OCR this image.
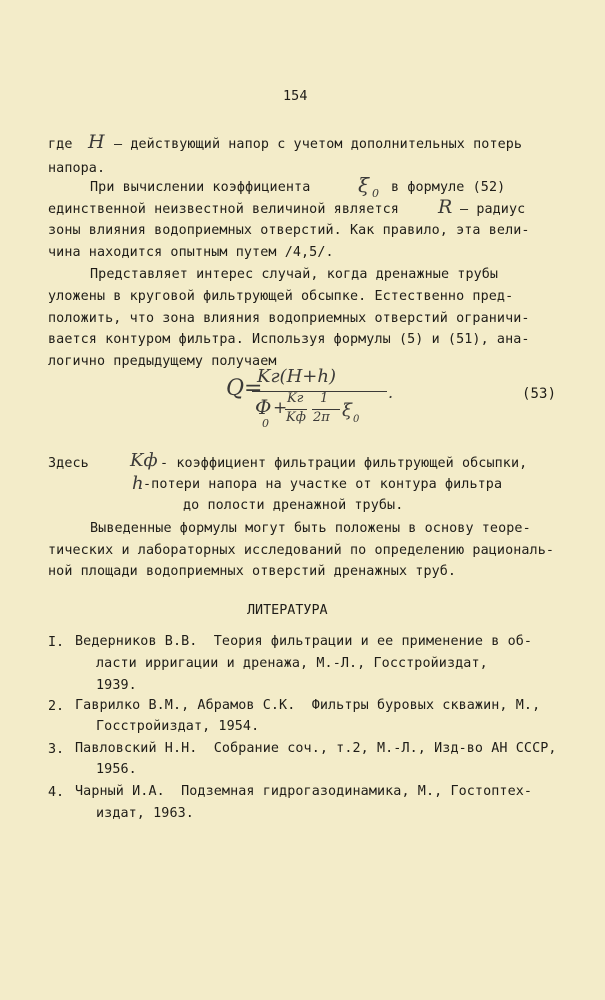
154
где H – действующий напор с учетом дополнительных потерь
напора.
При вычислении коэффициента ξ 0 в формуле (52)
единственной неизвестной величиной является R – радиус
зоны влияния водоприемных отверстий. Как правило, эта вели-
чина находится опытным путем /4,5/.
Представляет интерес случай, когда дренажные трубы
уложены в круговой фильтрующей обсыпке. Естественно пред-
положить, что зона влияния водоприемных отверстий ограничи-
вается контуром фильтра. Используя формулы (5) и (51), ана-
логично предыдущему получаем
Q=
Kг(H+h)
Φ
0
+ Kг
Kф
1
2π ξ 0
.	(53)
Здесь Kф - коэффициент фильтрации фильтрующей обсыпки,
h -потери напора на участке от контура фильтра
до полости дренажной трубы.
Выведенные формулы могут быть положены в основу теоре-
тических и лабораторных исследований по определению рациональ-
ной площади водоприемных отверстий дренажных труб.
ЛИТЕРАТУРА
I. Ведерников В.В.  Теория фильтрации и ее применение в об-
ласти ирригации и дренажа, М.-Л., Госстройиздат,
1939.
2. Гаврилко В.М., Абрамов С.К.  Фильтры буровых скважин, М.,
Госстройиздат, 1954.
3. Павловский Н.Н.  Собрание соч., т.2, М.-Л., Изд-во АН СССР,
1956.
4. Чарный И.А.  Подземная гидрогазодинамика, М., Гостоптех-
издат, 1963.
